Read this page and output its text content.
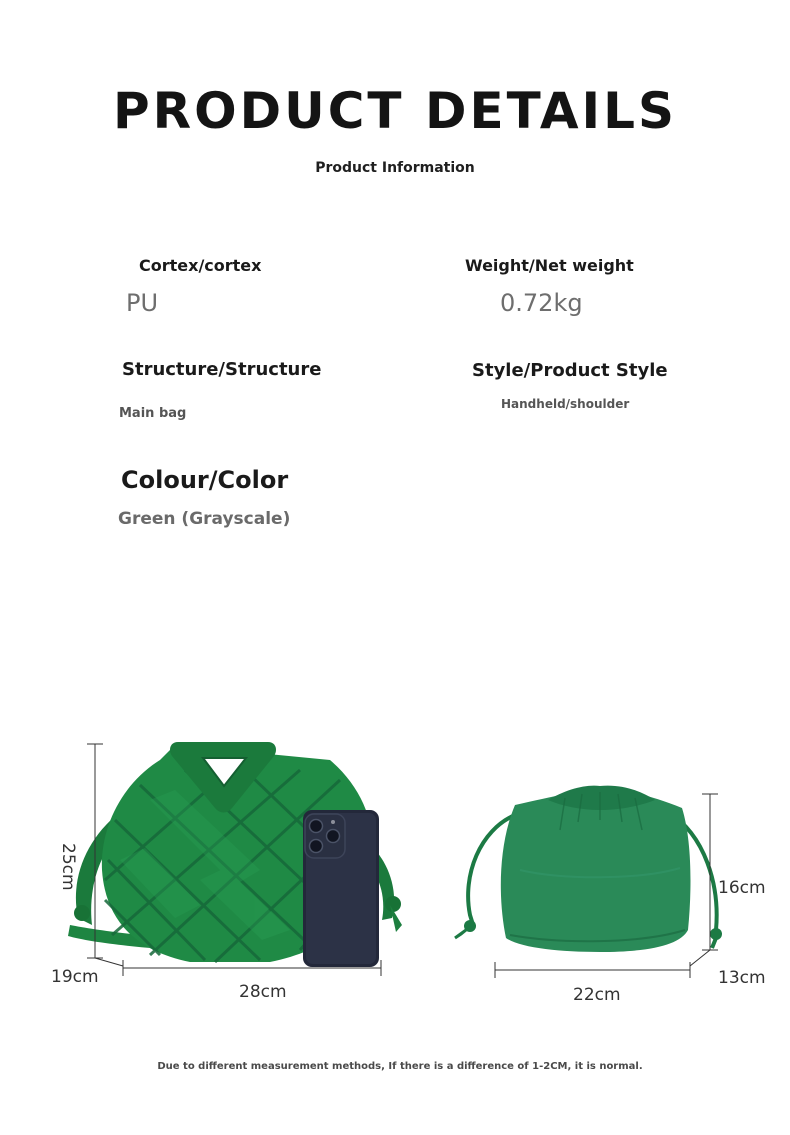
PRODUCT DETAILS
Product Information
Cortex/cortex
PU
Weight/Net weight
0.72kg
Structure/Structure
Main bag
Style/Product Style
Handheld/shoulder
Colour/Color
Green (Grayscale)
25cm
19cm
28cm
16cm
22cm
13cm
Due to different measurement methods, If there is a difference of 1-2CM, it is normal.
